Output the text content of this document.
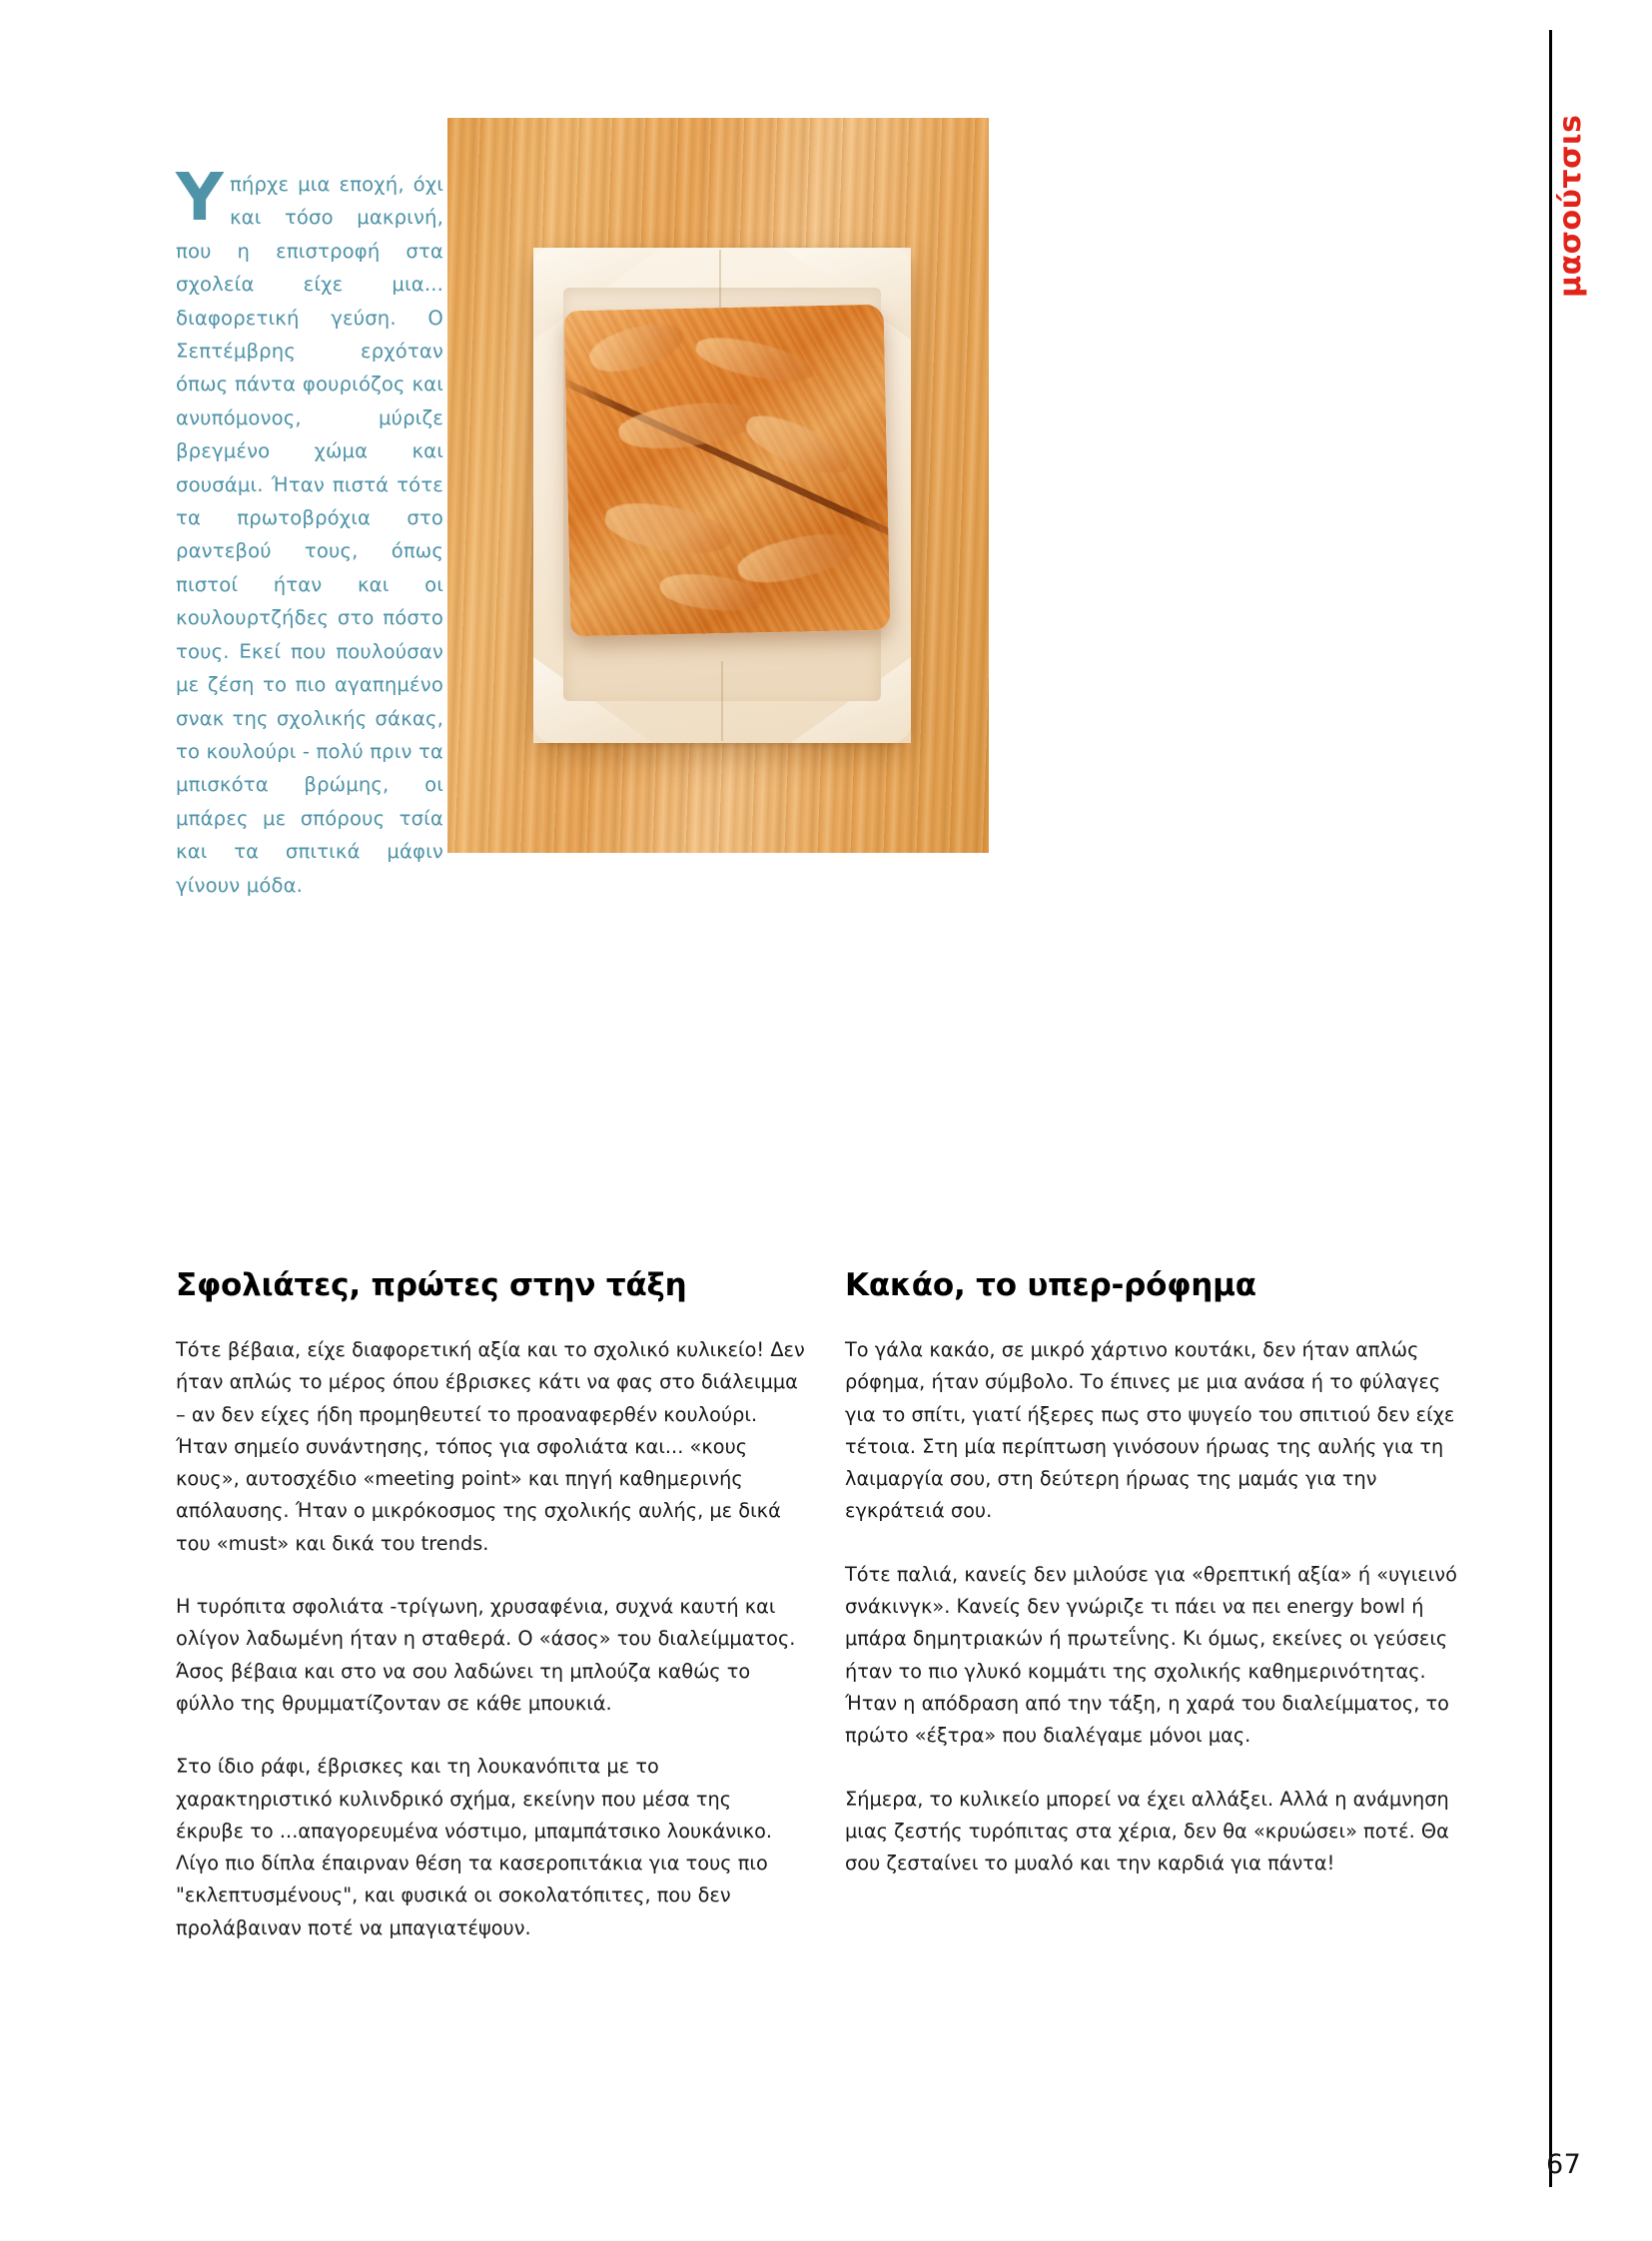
μασούτσιs
67
Υπήρχε μια εποχή, όχι και τόσο μακρινή, που η επιστροφή στα σχολεία είχε μια... διαφορετική γεύση. Ο Σεπτέμβρης ερχόταν όπως πάντα φουριόζος και ανυπόμονος, μύριζε βρεγμένο χώμα και σουσάμι. Ήταν πιστά τότε τα πρωτοβρόχια στο ραντεβού τους, όπως πιστοί ήταν και οι κουλουρτζήδες στο πόστο τους. Εκεί που πουλούσαν με ζέση το πιο αγαπημένο σνακ της σχολικής σάκας, το κουλούρι - πολύ πριν τα μπισκότα βρώμης, οι μπάρες με σπόρους τσία και τα σπιτικά μάφιν γίνουν μόδα.
Σφολιάτες, πρώτες στην τάξη

Τότε βέβαια, είχε διαφορετική αξία και το σχολικό κυλικείο! Δεν ήταν απλώς το μέρος όπου έβρισκες κάτι να φας στο διάλειμμα – αν δεν είχες ήδη προμηθευτεί το προαναφερθέν κουλούρι. Ήταν σημείο συνάντησης, τόπος για σφολιάτα και... «κους κους», αυτοσχέδιο «meeting point» και πηγή καθημερινής απόλαυσης. Ήταν ο μικρόκοσμος της σχολικής αυλής, με δικά του «must» και δικά του trends.

Η τυρόπιτα σφολιάτα -τρίγωνη, χρυσαφένια, συχνά καυτή και ολίγον λαδωμένη ήταν η σταθερά. Ο «άσος» του διαλείμματος. Άσος βέβαια και στο να σου λαδώνει τη μπλούζα καθώς το φύλλο της θρυμματίζονταν σε κάθε μπουκιά.

Στο ίδιο ράφι, έβρισκες και τη λουκανόπιτα με το χαρακτηριστικό κυλινδρικό σχήμα, εκείνην που μέσα της έκρυβε το ...απαγορευμένα νόστιμο, μπαμπάτσικο λουκάνικο. Λίγο πιο δίπλα έπαιρναν θέση τα κασεροπιτάκια για τους πιο "εκλεπτυσμένους", και φυσικά οι σοκολατόπιτες, που δεν προλάβαιναν ποτέ να μπαγιατέψουν.

Κακάο, το υπερ-ρόφημα

Το γάλα κακάο, σε μικρό χάρτινο κουτάκι, δεν ήταν απλώς ρόφημα, ήταν σύμβολο. Το έπινες με μια ανάσα ή το φύλαγες για το σπίτι, γιατί ήξερες πως στο ψυγείο του σπιτιού δεν είχε τέτοια. Στη μία περίπτωση γινόσουν ήρωας της αυλής για τη λαιμαργία σου, στη δεύτερη ήρωας της μαμάς για την εγκράτειά σου.

Τότε παλιά, κανείς δεν μιλούσε για «θρεπτική αξία» ή «υγιεινό σνάκινγκ». Κανείς δεν γνώριζε τι πάει να πει energy bowl ή μπάρα δημητριακών ή πρωτεΐνης. Κι όμως, εκείνες οι γεύσεις ήταν το πιο γλυκό κομμάτι της σχολικής καθημερινότητας. Ήταν η απόδραση από την τάξη, η χαρά του διαλείμματος, το πρώτο «έξτρα» που διαλέγαμε μόνοι μας.

Σήμερα, το κυλικείο μπορεί να έχει αλλάξει. Αλλά η ανάμνηση μιας ζεστής τυρόπιτας στα χέρια, δεν θα «κρυώσει» ποτέ. Θα σου ζεσταίνει το μυαλό και την καρδιά για πάντα!
